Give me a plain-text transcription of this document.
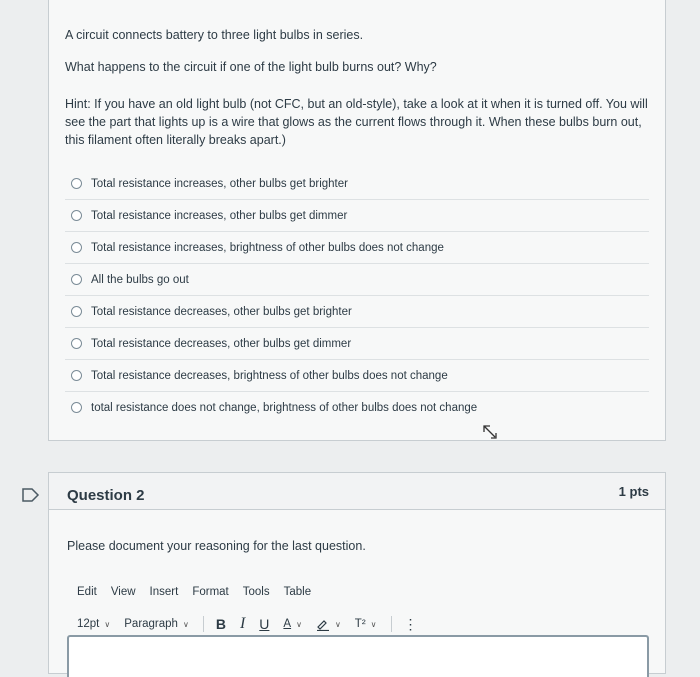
A circuit connects battery to three light bulbs in series.
What happens to the circuit if one of the light bulb burns out? Why?
Hint: If you have an old light bulb (not CFC, but an old-style), take a look at it when it is turned off. You will see the part that lights up is a wire that glows as the current flows through it. When these bulbs burn out, this filament often literally breaks apart.)
Total resistance increases, other bulbs get brighter
Total resistance increases, other bulbs get dimmer
Total resistance increases, brightness of other bulbs does not change
All the bulbs go out
Total resistance decreases, other bulbs get brighter
Total resistance decreases, other bulbs get dimmer
Total resistance decreases, brightness of other bulbs does not change
total resistance does not change, brightness of other bulbs does not change
Question 2	1 pts
Please document your reasoning for the last question.
Edit View Insert Format Tools Table
12pt ∨ Paragraph ∨ B I U A ∨	∨ T² ∨ ⋮
